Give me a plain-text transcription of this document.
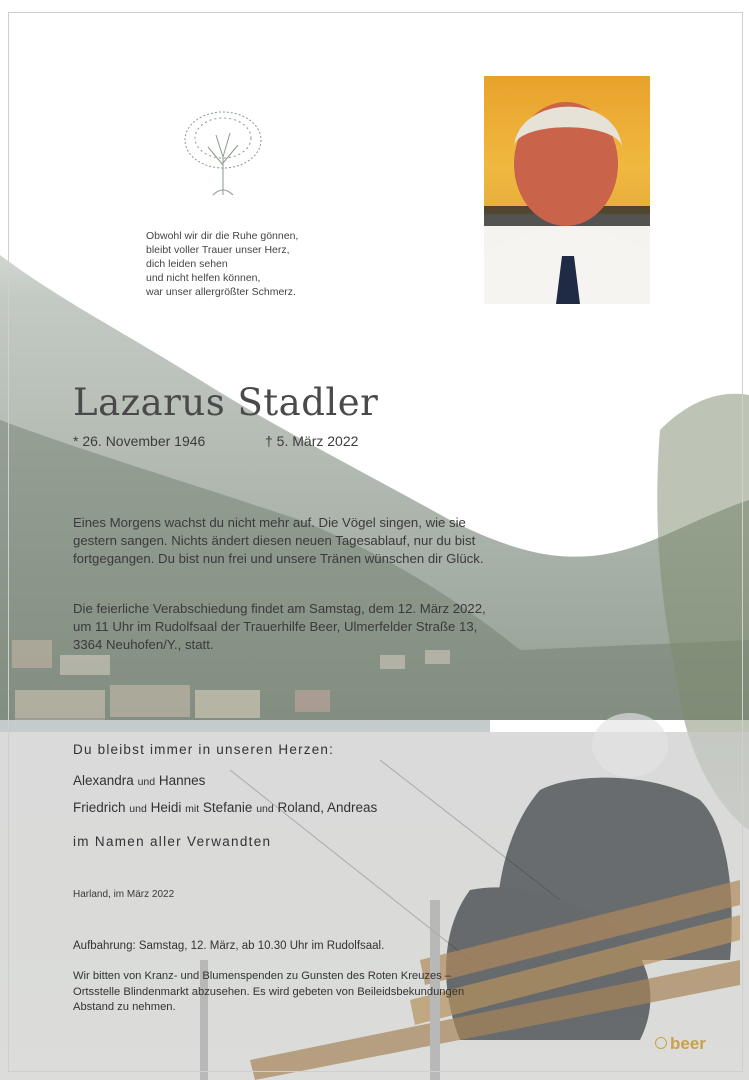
Obwohl wir dir die Ruhe gönnen,
bleibt voller Trauer unser Herz,
dich leiden sehen
und nicht helfen können,
war unser allergrößter Schmerz.
Lazarus Stadler
* 26. November 1946	† 5. März 2022
Eines Morgens wachst du nicht mehr auf. Die Vögel singen, wie sie
gestern sangen. Nichts ändert diesen neuen Tagesablauf, nur du bist
fortgegangen. Du bist nun frei und unsere Tränen wünschen dir Glück.
Die feierliche Verabschiedung findet am Samstag, dem 12. März 2022,
um 11 Uhr im Rudolfsaal der Trauerhilfe Beer, Ulmerfelder Straße 13,
3364 Neuhofen/Y., statt.
Du bleibst immer in unseren Herzen:
Alexandra und Hannes
Friedrich und Heidi mit Stefanie und Roland, Andreas
im Namen aller Verwandten
Harland, im März 2022
Aufbahrung: Samstag, 12. März, ab 10.30 Uhr im Rudolfsaal.
Wir bitten von Kranz- und Blumenspenden zu Gunsten des Roten Kreuzes –
Ortsstelle Blindenmarkt abzusehen. Es wird gebeten von Beileidsbekundungen
Abstand zu nehmen.
beer
